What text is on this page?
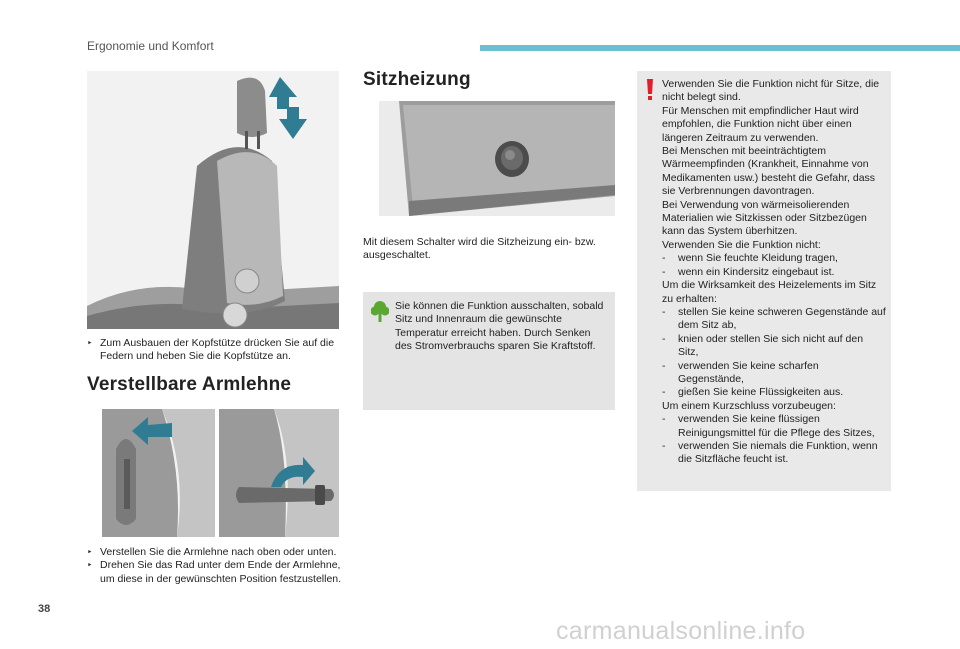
Ergonomie und Komfort
‣ Zum Ausbauen der Kopfstütze drücken Sie auf die Federn und heben Sie die Kopfstütze an.
Verstellbare Armlehne
‣ Verstellen Sie die Armlehne nach oben oder unten.
‣ Drehen Sie das Rad unter dem Ende der Armlehne, um diese in der gewünschten Position festzustellen.
Sitzheizung
Mit diesem Schalter wird die Sitzheizung ein- bzw. ausgeschaltet.
Sie können die Funktion ausschalten, sobald Sitz und Innenraum die gewünschte Temperatur erreicht haben. Durch Senken des Stromverbrauchs sparen Sie Kraftstoff.
Verwenden Sie die Funktion nicht für Sitze, die nicht belegt sind.
Für Menschen mit empfindlicher Haut wird empfohlen, die Funktion nicht über einen längeren Zeitraum zu verwenden.
Bei Menschen mit beeinträchtigtem Wärmeempfinden (Krankheit, Einnahme von Medikamenten usw.) besteht die Gefahr, dass sie Verbrennungen davontragen.
Bei Verwendung von wärmeisolierenden Materialien wie Sitzkissen oder Sitzbezügen kann das System überhitzen.
Verwenden Sie die Funktion nicht:
- wenn Sie feuchte Kleidung tragen,
- wenn ein Kindersitz eingebaut ist.
Um die Wirksamkeit des Heizelements im Sitz zu erhalten:
- stellen Sie keine schweren Gegenstände auf dem Sitz ab,
- knien oder stellen Sie sich nicht auf den Sitz,
- verwenden Sie keine scharfen Gegenstände,
- gießen Sie keine Flüssigkeiten aus.
Um einem Kurzschluss vorzubeugen:
- verwenden Sie keine flüssigen Reinigungsmittel für die Pflege des Sitzes,
- verwenden Sie niemals die Funktion, wenn die Sitzfläche feucht ist.
38
carmanualsonline.info
